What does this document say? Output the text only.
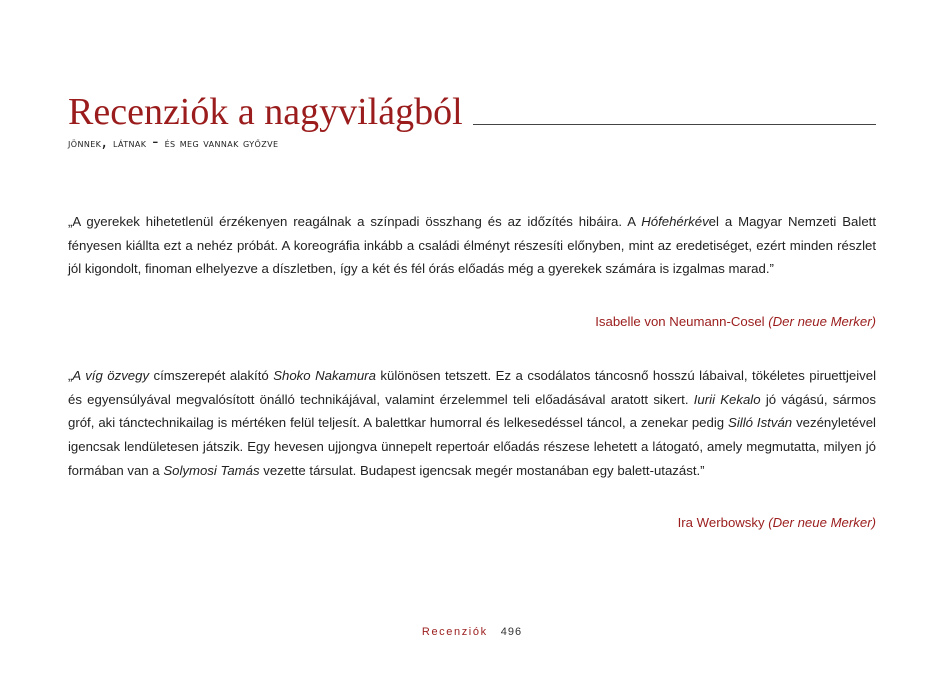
Recenziók a nagyvilágból
jönnek, látnak - és meg vannak győzve

„A gyerekek hihetetlenül érzékenyen reagálnak a színpadi összhang és az időzítés hibáira. A Hófehérkével a Magyar Nemzeti Balett fényesen kiállta ezt a nehéz próbát. A koreográfia inkább a családi élményt részesíti előnyben, mint az eredetiséget, ezért minden részlet jól kigondolt, finoman elhelyezve a díszletben, így a két és fél órás előadás még a gyerekek számára is izgalmas marad.”

Isabelle von Neumann-Cosel (Der neue Merker)

„A víg özvegy címszerepét alakító Shoko Nakamura különösen tetszett. Ez a csodálatos táncosnő hosszú lábaival, tökéletes piruettjeivel és egyensúlyával megvalósított önálló technikájával, valamint érzelemmel teli előadásával aratott sikert. Iurii Kekalo jó vágású, sármos gróf, aki tánctechnikailag is mértéken felül teljesít. A balettkar humorral és lelkesedéssel táncol, a zenekar pedig Silló István vezényletével igencsak lendületesen játszik. Egy hevesen ujjongva ünnepelt repertoár előadás részese lehetett a látogató, amely megmutatta, milyen jó formában van a Solymosi Tamás vezette társulat. Budapest igencsak megér mostanában egy balett-utazást.”

Ira Werbowsky (Der neue Merker)
Recenziók 496
